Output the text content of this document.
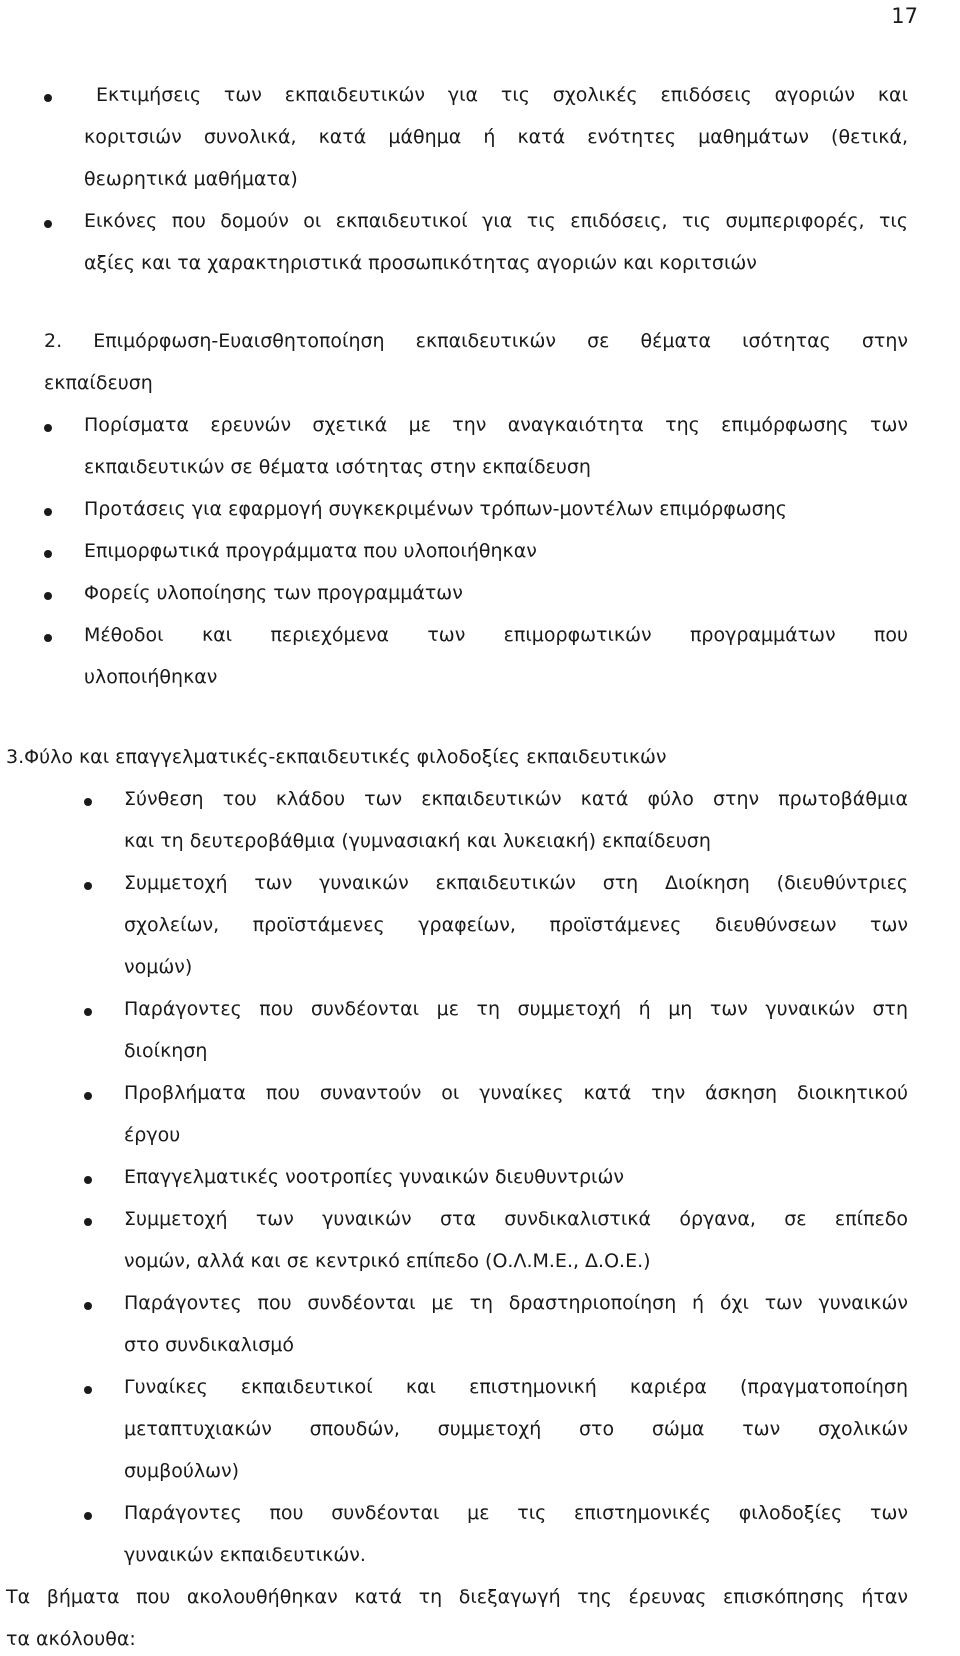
17
Εκτιμήσεις των εκπαιδευτικών για τις σχολικές επιδόσεις αγοριών και
κοριτσιών συνολικά, κατά μάθημα ή κατά ενότητες μαθημάτων (θετικά,
θεωρητικά μαθήματα)
Εικόνες που δομούν οι εκπαιδευτικοί για τις επιδόσεις, τις συμπεριφορές, τις
αξίες και τα χαρακτηριστικά προσωπικότητας αγοριών και κοριτσιών
2. Επιμόρφωση-Ευαισθητοποίηση εκπαιδευτικών σε θέματα ισότητας στην
εκπαίδευση
Πορίσματα ερευνών σχετικά με την αναγκαιότητα της επιμόρφωσης των
εκπαιδευτικών σε θέματα ισότητας στην εκπαίδευση
Προτάσεις για εφαρμογή συγκεκριμένων τρόπων-μοντέλων επιμόρφωσης
Επιμορφωτικά προγράμματα που υλοποιήθηκαν
Φορείς υλοποίησης των προγραμμάτων
Μέθοδοι και περιεχόμενα των επιμορφωτικών προγραμμάτων που
υλοποιήθηκαν
3.Φύλο και επαγγελματικές-εκπαιδευτικές φιλοδοξίες εκπαιδευτικών
Σύνθεση του κλάδου των εκπαιδευτικών κατά φύλο στην πρωτοβάθμια
και τη δευτεροβάθμια (γυμνασιακή και λυκειακή) εκπαίδευση
Συμμετοχή των γυναικών εκπαιδευτικών στη Διοίκηση (διευθύντριες
σχολείων, προϊστάμενες γραφείων, προϊστάμενες διευθύνσεων των
νομών)
Παράγοντες που συνδέονται με τη συμμετοχή ή μη των γυναικών στη
διοίκηση
Προβλήματα που συναντούν οι γυναίκες κατά την άσκηση διοικητικού
έργου
Επαγγελματικές νοοτροπίες γυναικών διευθυντριών
Συμμετοχή των γυναικών στα συνδικαλιστικά όργανα, σε επίπεδο
νομών, αλλά και σε κεντρικό επίπεδο (Ο.Λ.Μ.Ε., Δ.Ο.Ε.)
Παράγοντες που συνδέονται με τη δραστηριοποίηση ή όχι των γυναικών
στο συνδικαλισμό
Γυναίκες εκπαιδευτικοί και επιστημονική καριέρα (πραγματοποίηση
μεταπτυχιακών σπουδών, συμμετοχή στο σώμα των σχολικών
συμβούλων)
Παράγοντες που συνδέονται με τις επιστημονικές φιλοδοξίες των
γυναικών εκπαιδευτικών.
Τα βήματα που ακολουθήθηκαν κατά τη διεξαγωγή της έρευνας επισκόπησης ήταν
τα ακόλουθα:
